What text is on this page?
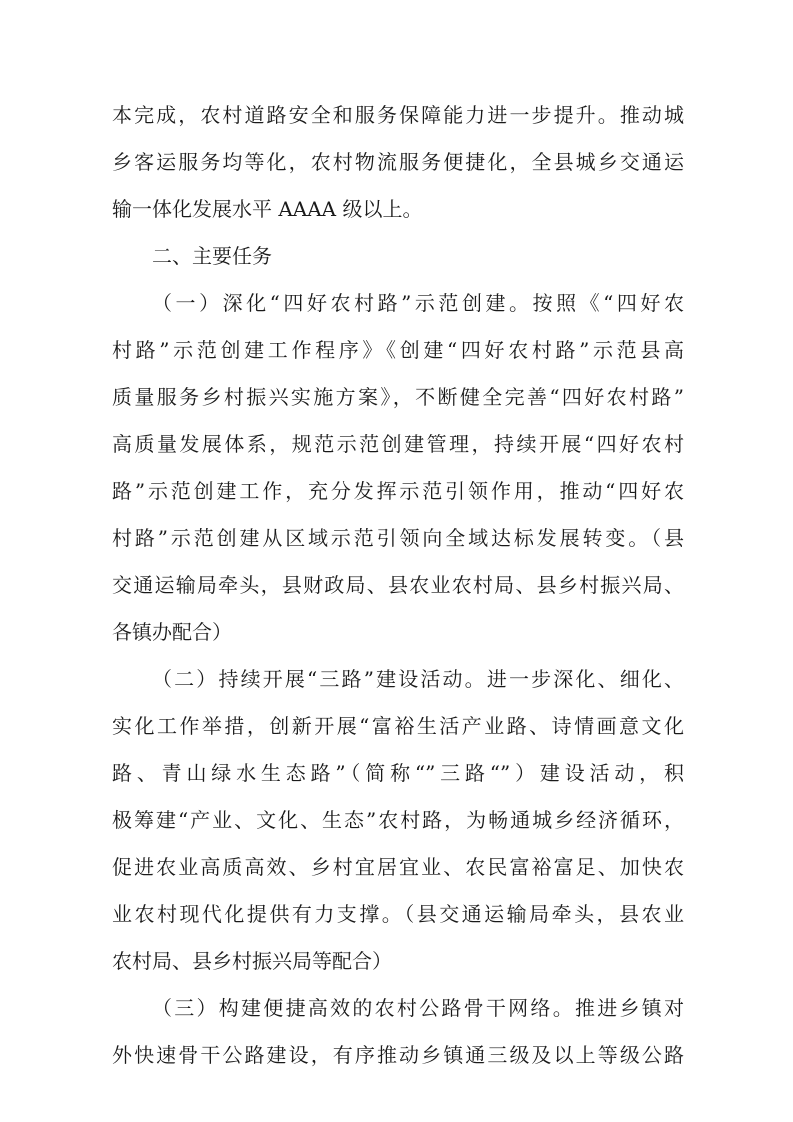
本完成，农村道路安全和服务保障能力进一步提升。推动城
乡客运服务均等化，农村物流服务便捷化，全县城乡交通运
输一体化发展水平 AAAA 级以上。
二、主要任务
（一）深化“四好农村路”示范创建。按照《“四好农
村路”示范创建工作程序》《创建“四好农村路”示范县高
质量服务乡村振兴实施方案》，不断健全完善“四好农村路”
高质量发展体系，规范示范创建管理，持续开展“四好农村
路”示范创建工作，充分发挥示范引领作用，推动“四好农
村路”示范创建从区域示范引领向全域达标发展转变。（县
交通运输局牵头，县财政局、县农业农村局、县乡村振兴局、
各镇办配合）
（二）持续开展“三路”建设活动。进一步深化、细化、
实化工作举措，创新开展“富裕生活产业路、诗情画意文化
路、青山绿水生态路”（简称“”三路“”）建设活动，积
极筹建“产业、文化、生态”农村路，为畅通城乡经济循环，
促进农业高质高效、乡村宜居宜业、农民富裕富足、加快农
业农村现代化提供有力支撑。（县交通运输局牵头，县农业
农村局、县乡村振兴局等配合）
（三）构建便捷高效的农村公路骨干网络。推进乡镇对
外快速骨干公路建设，有序推动乡镇通三级及以上等级公路
